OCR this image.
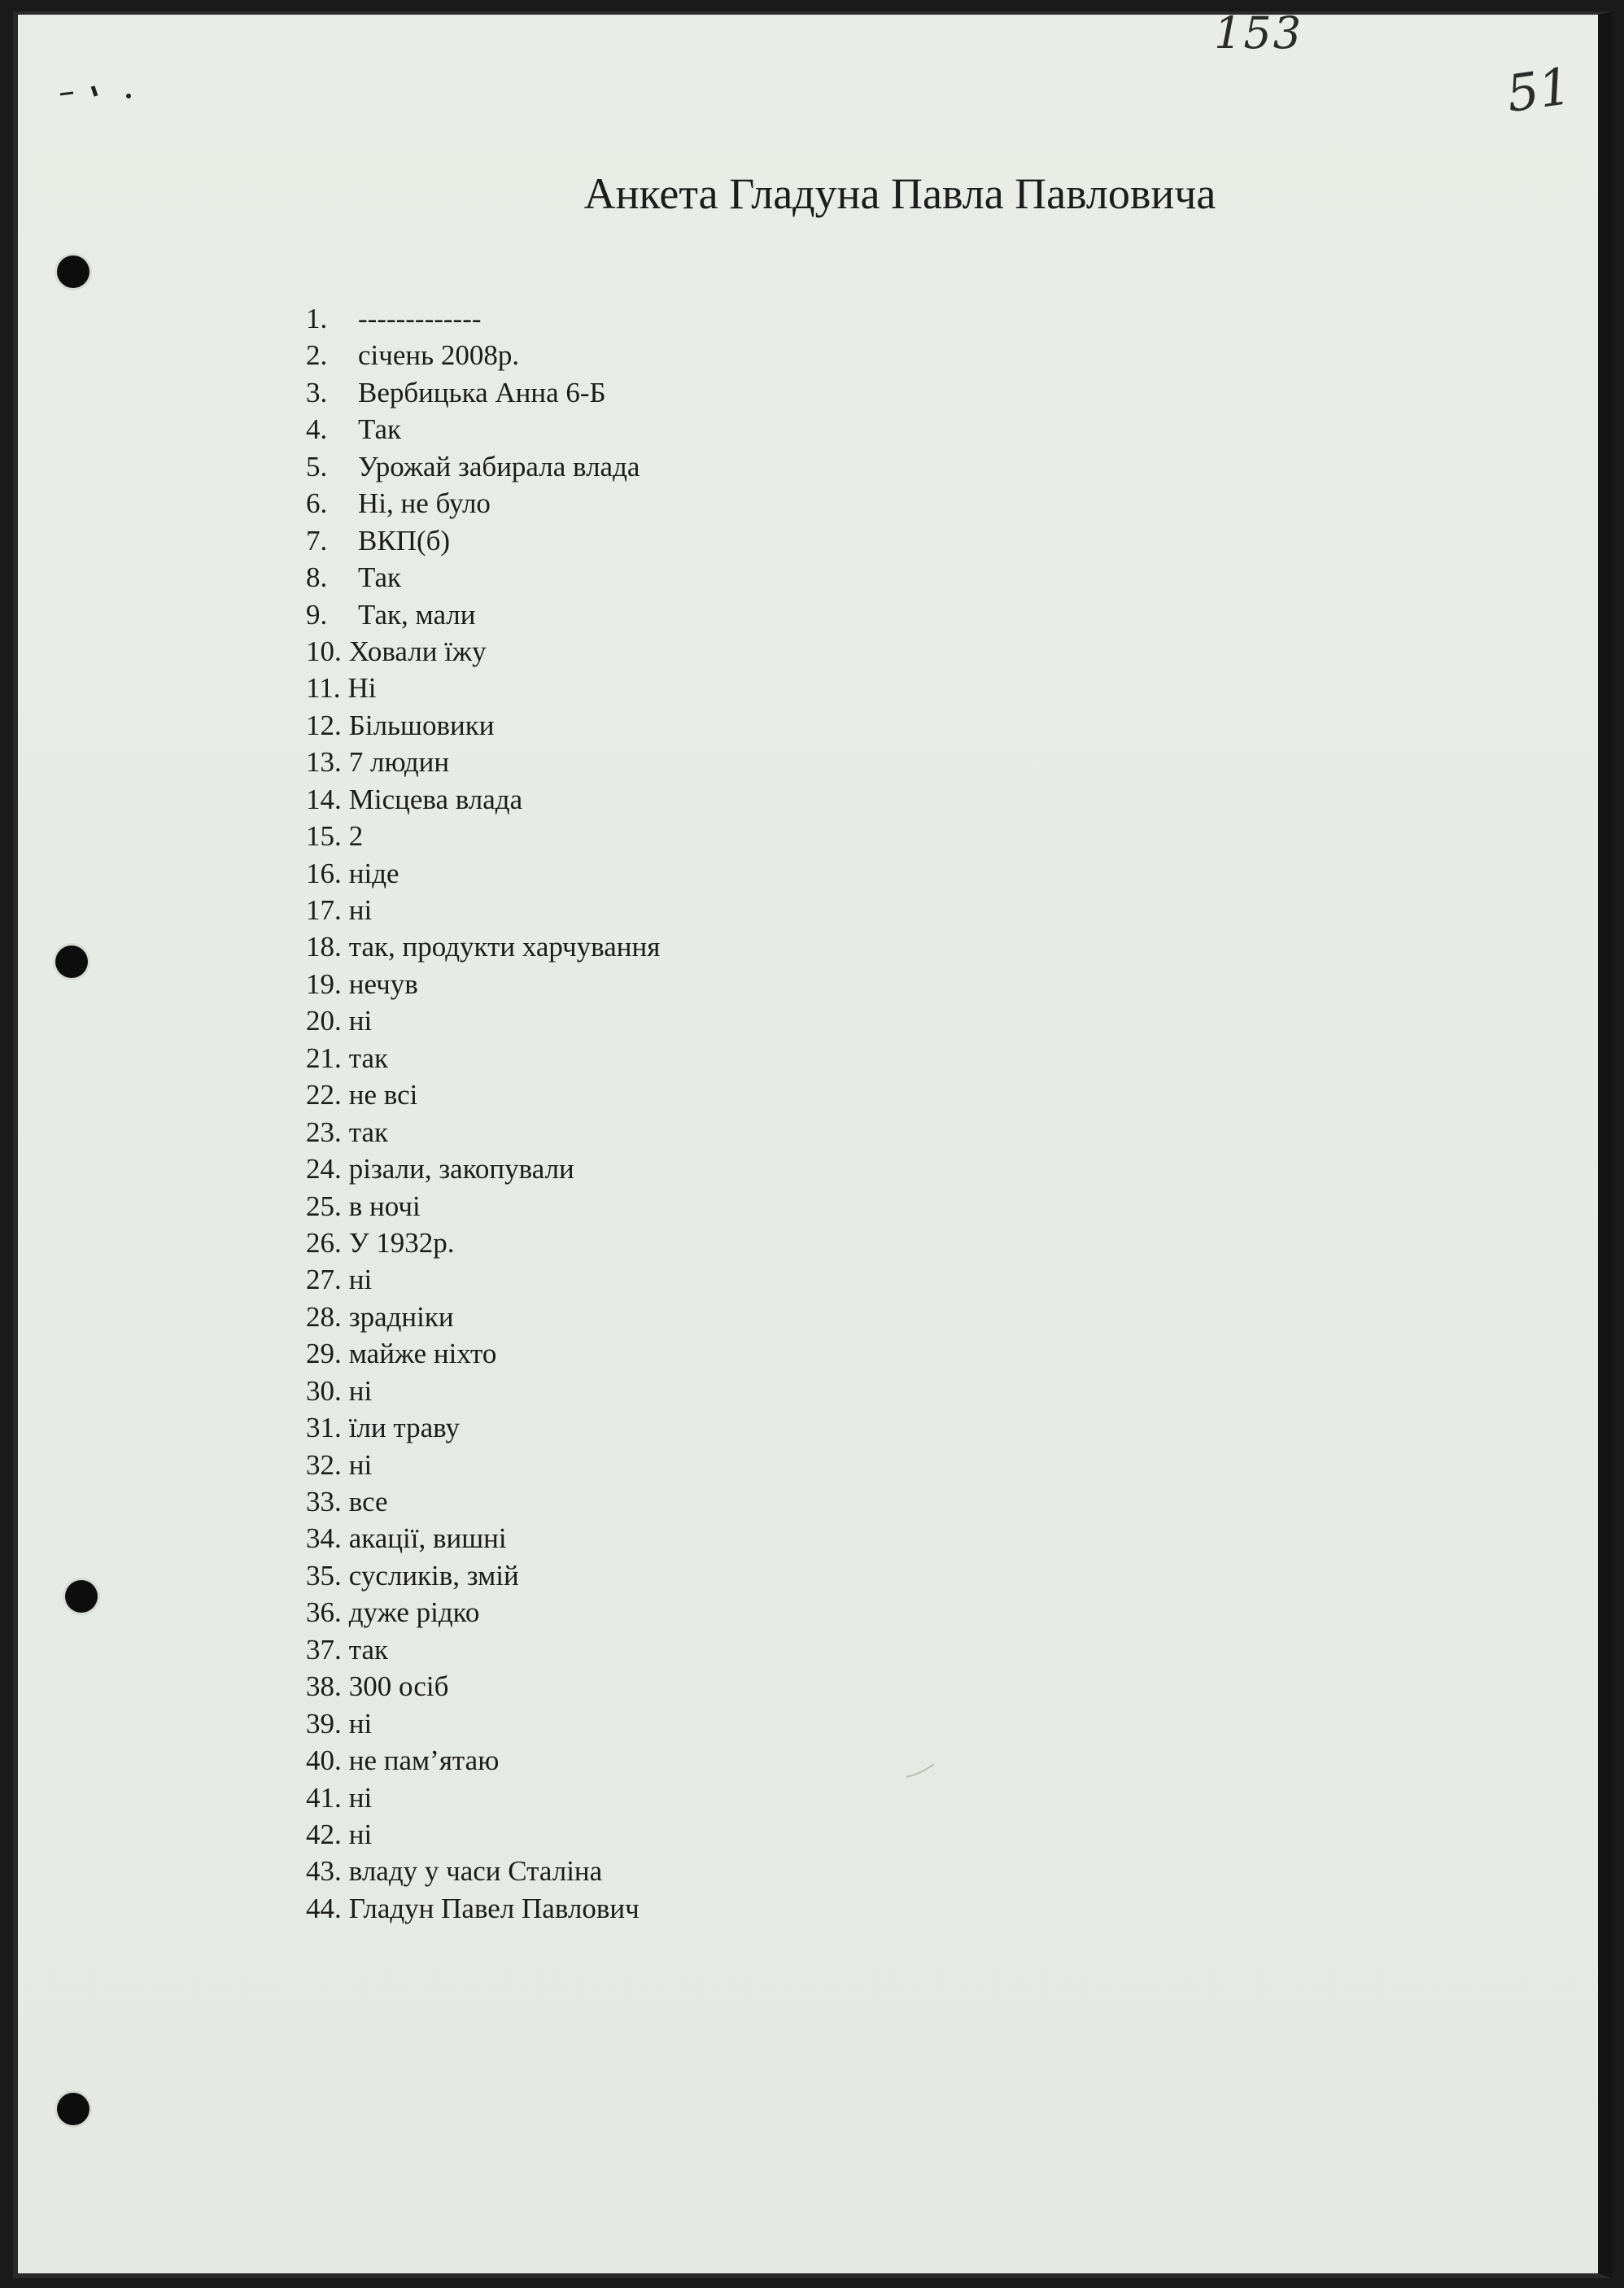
153
51
Анкета Гладуна Павла Павловича
1.	-------------
2.	січень 2008р.
3.	Вербицька Анна 6-Б
4.	Так
5.	Урожай забирала влада
6.	Ні, не було
7.	ВКП(б)
8.	Так
9.	Так, мали
10. Ховали їжу
11. Ні
12. Більшовики
13. 7 людин
14. Місцева влада
15. 2
16. ніде
17. ні
18. так, продукти харчування
19. нечув
20. ні
21. так
22. не всі
23. так
24. різали, закопували
25. в ночі
26. У 1932р.
27. ні
28. зрадніки
29. майже ніхто
30. ні
31. їли траву
32. ні
33. все
34. акації, вишні
35. сусликів, змій
36. дуже рідко
37. так
38. 300 осіб
39. ні
40. не пам’ятаю
41. ні
42. ні
43. владу у часи Сталіна
44. Гладун Павел Павлович
